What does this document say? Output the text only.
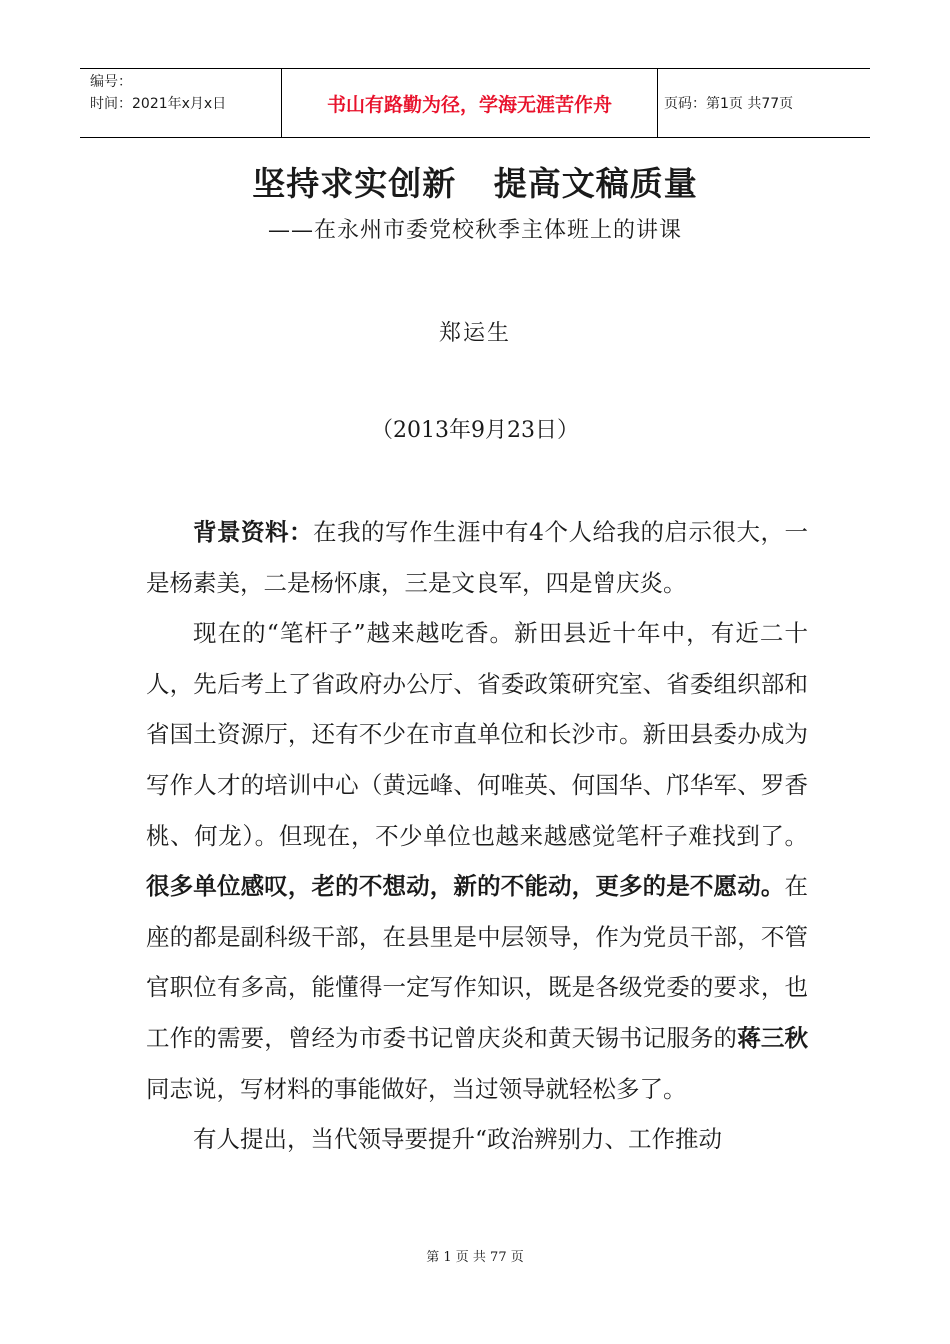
编号：
时间：2021年x月x日	书山有路勤为径，学海无涯苦作舟	页码：第1页 共77页
坚持求实创新   提高文稿质量
——在永州市委党校秋季主体班上的讲课
郑运生
（2013年9月23日）

背景资料：在我的写作生涯中有4个人给我的启示很大，一是杨素美，二是杨怀康，三是文良军，四是曾庆炎。

现在的“笔杆子”越来越吃香。新田县近十年中，有近二十人，先后考上了省政府办公厅、省委政策研究室、省委组织部和省国土资源厅，还有不少在市直单位和长沙市。新田县委办成为写作人才的培训中心（黄远峰、何唯英、何国华、邝华军、罗香桃、何龙）。但现在，不少单位也越来越感觉笔杆子难找到了。很多单位感叹，老的不想动，新的不能动，更多的是不愿动。在座的都是副科级干部，在县里是中层领导，作为党员干部，不管官职位有多高，能懂得一定写作知识，既是各级党委的要求，也工作的需要，曾经为市委书记曾庆炎和黄天锡书记服务的蒋三秋同志说，写材料的事能做好，当过领导就轻松多了。

有人提出，当代领导要提升“政治辨别力、工作推动

第 1 页 共 77 页
